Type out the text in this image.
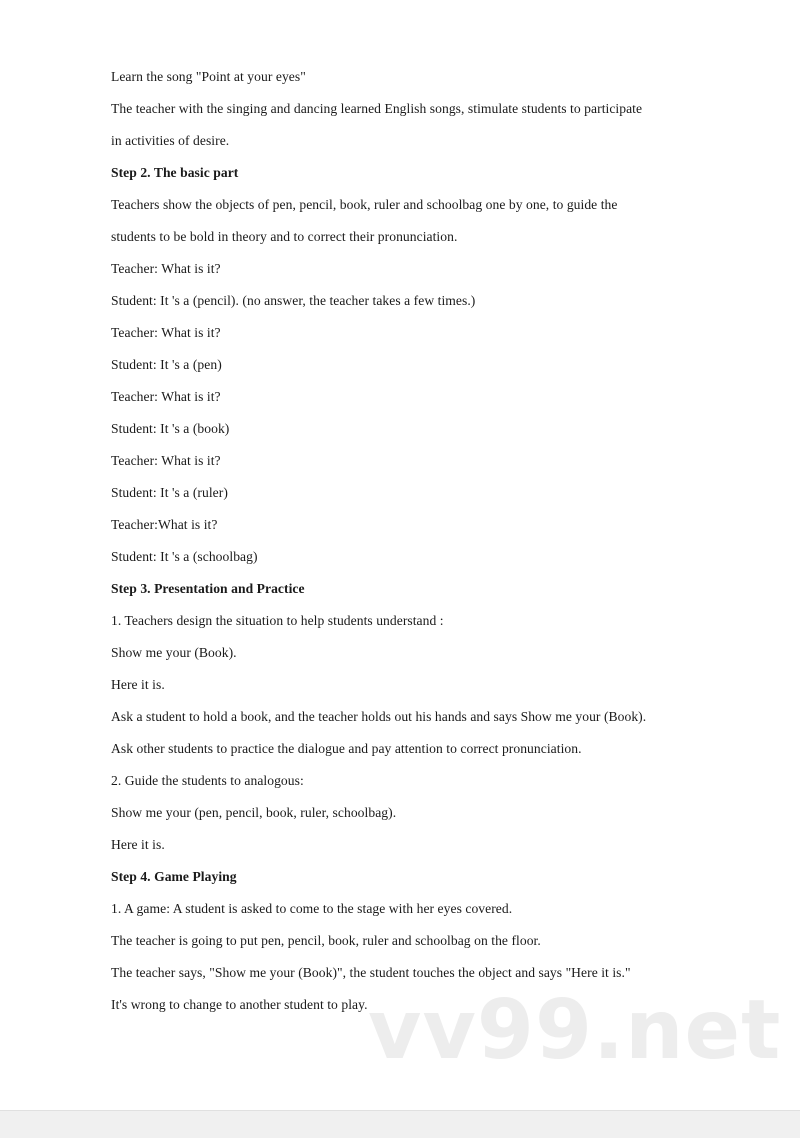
Learn the song "Point at your eyes"
The teacher with the singing and dancing learned English songs, stimulate students to participate
in activities of desire.
Step 2. The basic part
Teachers show the objects of pen, pencil, book, ruler and schoolbag one by one, to guide the
students to be bold in theory and to correct their pronunciation.
Teacher: What is it?
Student: It 's a (pencil). (no answer, the teacher takes a few times.)
Teacher: What is it?
Student: It 's a (pen)
Teacher: What is it?
Student: It 's a (book)
Teacher: What is it?
Student: It 's a (ruler)
Teacher:What is it?
Student: It 's a (schoolbag)
Step 3. Presentation and Practice
1. Teachers design the situation to help students understand :
Show me your (Book).
Here it is.
Ask a student to hold a book, and the teacher holds out his hands and says Show me your (Book).
Ask other students to practice the dialogue and pay attention to correct pronunciation.
2. Guide the students to analogous:
Show me your (pen, pencil, book, ruler, schoolbag).
Here it is.
Step 4. Game Playing
1. A game: A student is asked to come to the stage with her eyes covered.
The teacher is going to put pen, pencil, book, ruler and schoolbag on the floor.
The teacher says, "Show me your (Book)", the student touches the object and says "Here it is."
It's wrong to change to another student to play. vv99.net
